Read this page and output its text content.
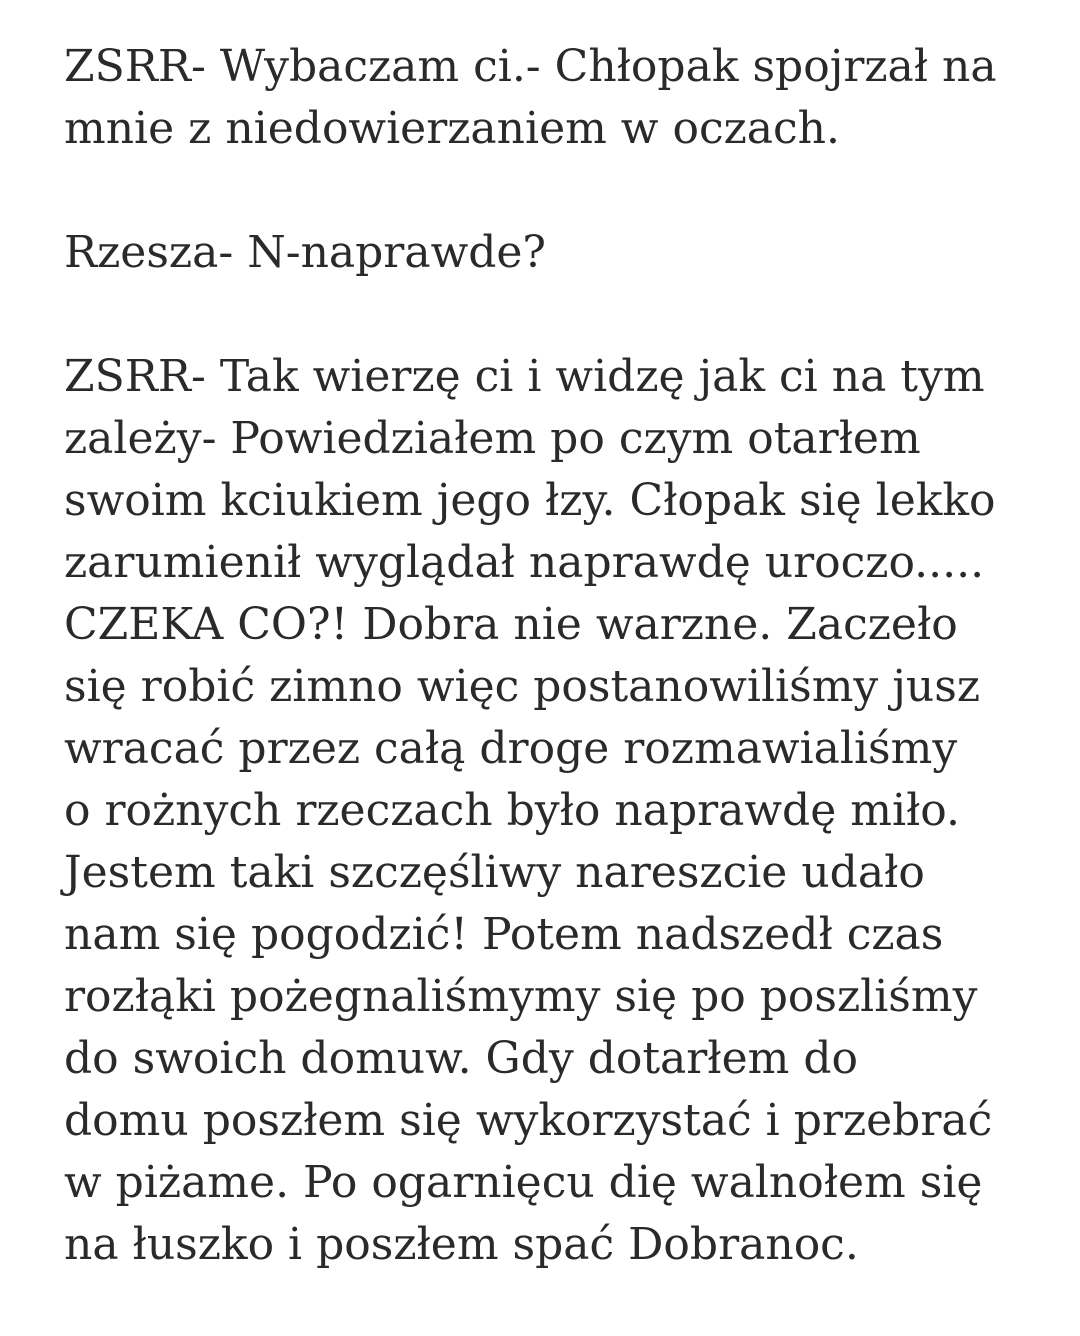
ZSRR- Wybaczam ci.- Chłopak spojrzał na
mnie z niedowierzaniem w oczach.

Rzesza- N-naprawde?

ZSRR- Tak wierzę ci i widzę jak ci na tym
zależy- Powiedziałem po czym otarłem
swoim kciukiem jego łzy. Cłopak się lekko
zarumienił wyglądał naprawdę uroczo.....
CZEKA CO?! Dobra nie warzne. Zaczeło
się robić zimno więc postanowiliśmy jusz
wracać przez całą droge rozmawialiśmy
o rożnych rzeczach było naprawdę miło.
Jestem taki szczęśliwy nareszcie udało
nam się pogodzić! Potem nadszedł czas
rozłąki pożegnaliśmymy się po poszliśmy
do swoich domuw. Gdy dotarłem do
domu poszłem się wykorzystać i przebrać
w piżame. Po ogarnięcu dię walnołem się
na łuszko i poszłem spać Dobranoc.
